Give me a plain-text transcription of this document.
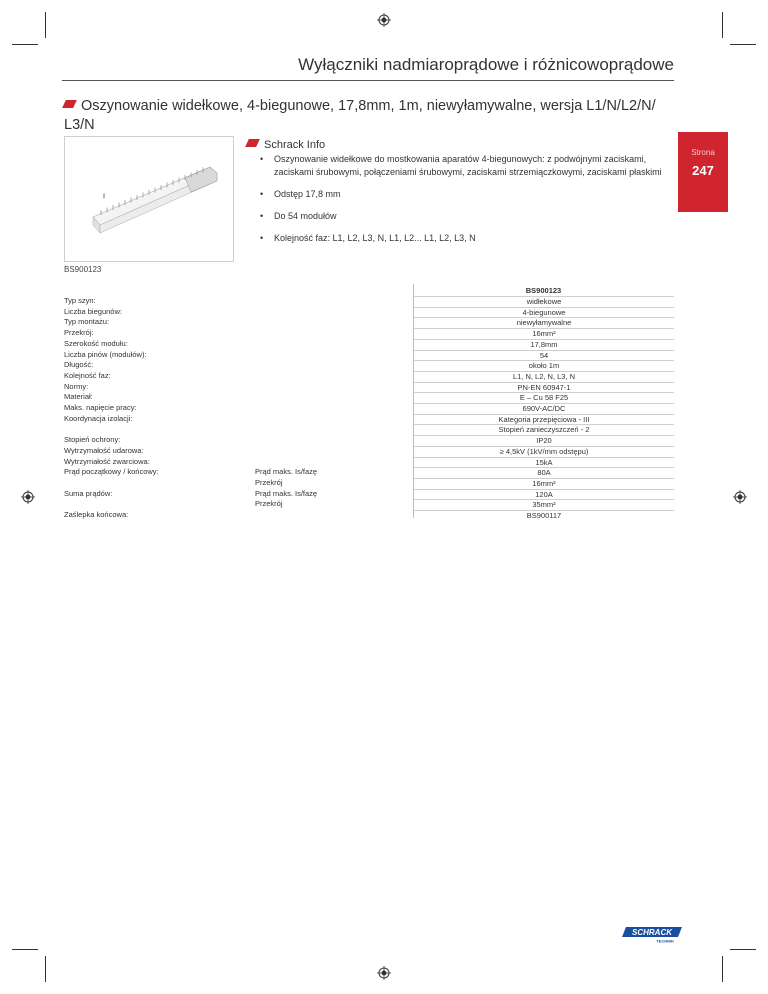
Wyłączniki nadmiaroprądowe i różnicowoprądowe
Oszynowanie widełkowe, 4-biegunowe, 17,8mm, 1m, niewyłamywalne, wersja L1/N/L2/N/ L3/N
Strona
247
BS900123
Schrack Info
• Oszynowanie widełkowe do mostkowania aparatów 4-biegunowych: z podwójnymi zaciskami, zaciskami śrubowymi, połączeniami śrubowymi, zaciskami strzemiączkowymi, zaciskami płaskimi
• Odstęp 17,8 mm
• Do 54 modułów
• Kolejność faz: L1, L2, L3, N, L1, L2... L1, L2, L3, N
BS900123
Typ szyn:	widłekowe
Liczba biegunów:	4-biegunowe
Typ montażu:	niewyłamywalne
Przekrój:	16mm²
Szerokość modułu:	17,8mm
Liczba pinów (modułów):	54
Długość:	około 1m
Kolejność faz:	L1, N, L2, N, L3, N
Normy:	PN-EN 60947-1
Materiał:	E – Cu 58 F25
Maks. napięcie pracy:	690V-AC/DC
Koordynacja izolacji:	Kategoria przepięciowa - III
Stopień zanieczyszczeń - 2
Stopień ochrony:	IP20
Wytrzymałość udarowa:	≥ 4,5kV (1kV/mm odstępu)
Wytrzymałość zwarciowa:	15kA
Prąd początkowy / końcowy:	Prąd maks. Is/fazę	80A
Przekrój	16mm²
Suma prądów:	Prąd maks. Is/fazę	120A
Przekrój	35mm²
Zaślepka końcowa:	BS900117
SCHRACK
TECHNIK
